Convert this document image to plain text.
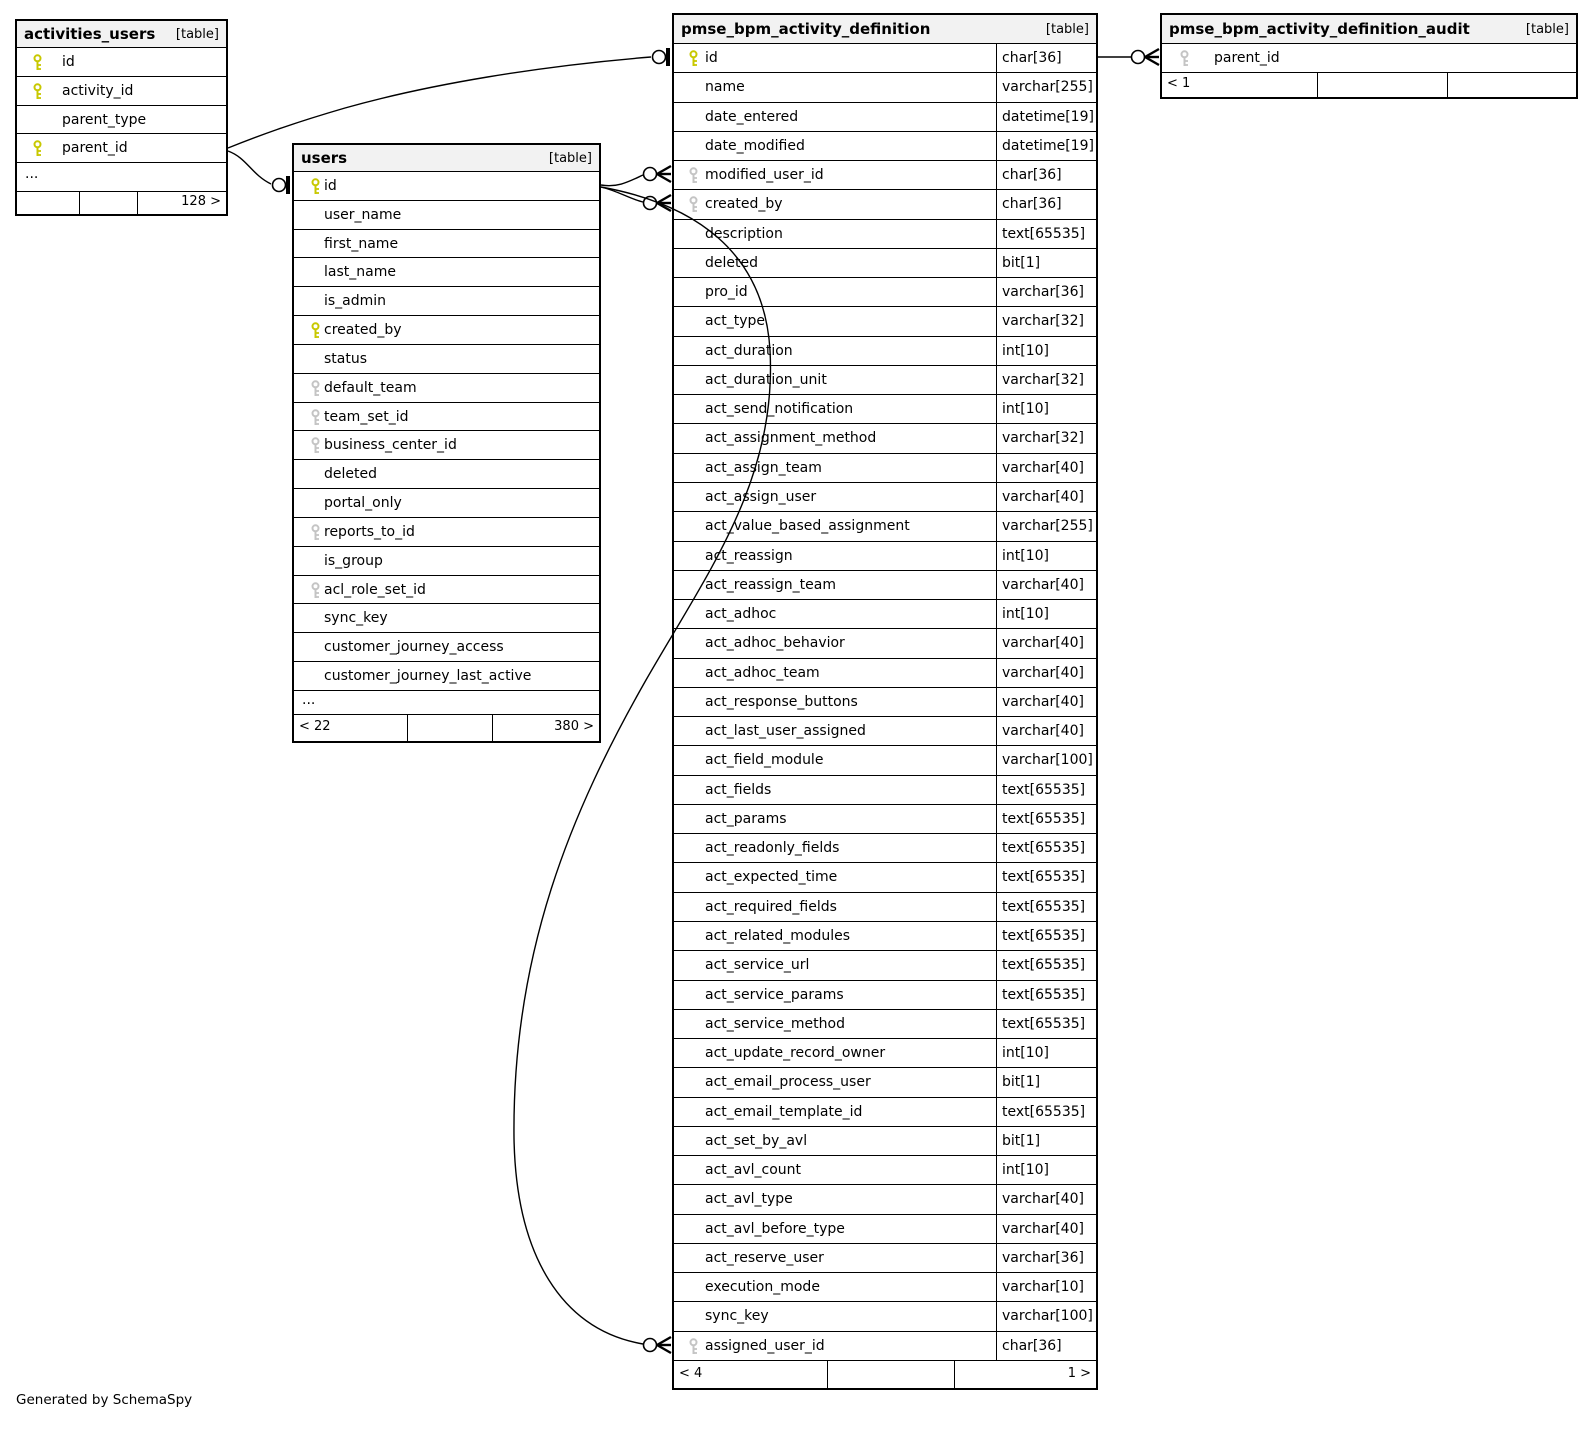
Generated by SchemaSpy
activities_users [table]
id
activity_id
parent_type
parent_id
...
128 >
users	[table]
id
user_name
first_name
last_name
is_admin
created_by
status
default_team
team_set_id
business_center_id
deleted
portal_only
reports_to_id
is_group
acl_role_set_id
sync_key
customer_journey_access
customer_journey_last_active
...
< 22	380 >
pmse_bpm_activity_definition	[table]
id	char[36]
name	varchar[255]
date_entered	datetime[19]
date_modified	datetime[19]
modified_user_id	char[36]
created_by	char[36]
description	text[65535]
deleted	bit[1]
pro_id	varchar[36]
act_type	varchar[32]
act_duration	int[10]
act_duration_unit	varchar[32]
act_send_notification	int[10]
act_assignment_method	varchar[32]
act_assign_team	varchar[40]
act_assign_user	varchar[40]
act_value_based_assignment	varchar[255]
act_reassign	int[10]
act_reassign_team	varchar[40]
act_adhoc	int[10]
act_adhoc_behavior	varchar[40]
act_adhoc_team	varchar[40]
act_response_buttons	varchar[40]
act_last_user_assigned	varchar[40]
act_field_module	varchar[100]
act_fields	text[65535]
act_params	text[65535]
act_readonly_fields	text[65535]
act_expected_time	text[65535]
act_required_fields	text[65535]
act_related_modules	text[65535]
act_service_url	text[65535]
act_service_params	text[65535]
act_service_method	text[65535]
act_update_record_owner	int[10]
act_email_process_user	bit[1]
act_email_template_id	text[65535]
act_set_by_avl	bit[1]
act_avl_count	int[10]
act_avl_type	varchar[40]
act_avl_before_type	varchar[40]
act_reserve_user	varchar[36]
execution_mode	varchar[10]
sync_key	varchar[100]
assigned_user_id	char[36]
< 4	1 >
pmse_bpm_activity_definition_audit	[table]
parent_id
< 1
